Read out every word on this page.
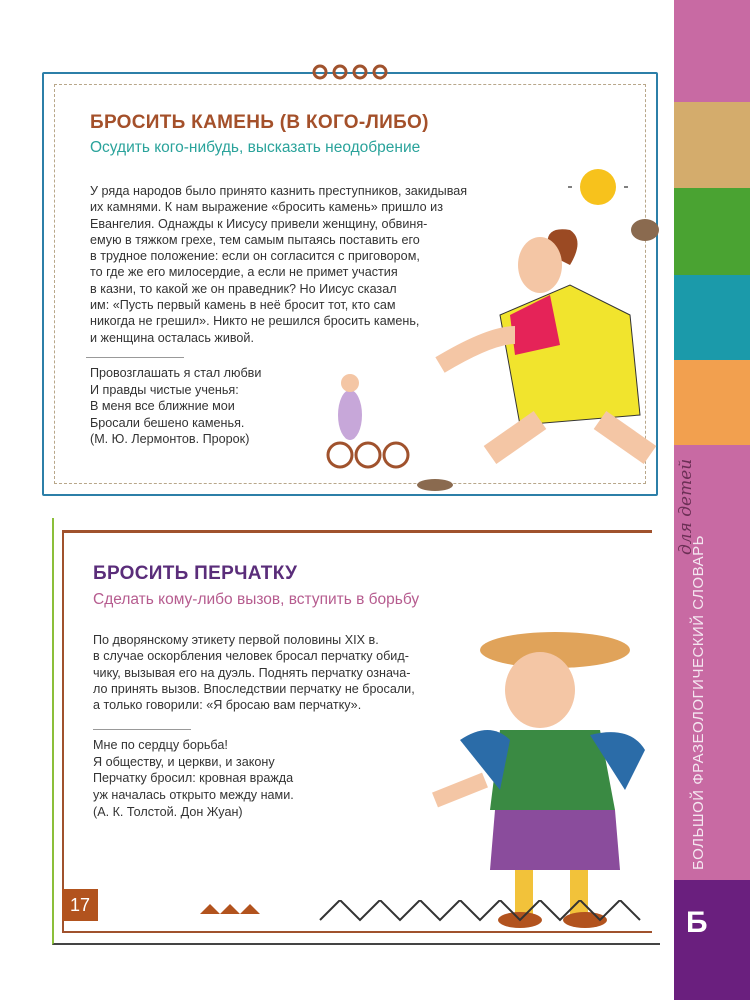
БОЛЬШОЙ ФРАЗЕОЛОГИЧЕСКИЙ СЛОВАРЬ
для детей
Б
БРОСИТЬ КАМЕНЬ (В КОГО-ЛИБО)
Осудить кого-нибудь, высказать неодобрение
У ряда народов было принято казнить преступников, закидывая
их камнями. К нам выражение «бросить камень» пришло из
Евангелия. Однажды к Иисусу привели женщину, обвиня-
емую в тяжком грехе, тем самым пытаясь поставить его
в трудное положение: если он согласится с приговором,
то где же его милосердие, а если не примет участия
в казни, то какой же он праведник? Но Иисус сказал
им: «Пусть первый камень в неё бросит тот, кто сам
никогда не грешил». Никто не решился бросить камень,
и женщина осталась живой.
Провозглашать я стал любви
И правды чистые ученья:
В меня все ближние мои
Бросали бешено каменья.
(М. Ю. Лермонтов. Пророк)
БРОСИТЬ ПЕРЧАТКУ
Сделать кому-либо вызов, вступить в борьбу
По дворянскому этикету первой половины XIX в.
в случае оскорбления человек бросал перчатку обид-
чику, вызывая его на дуэль. Поднять перчатку означа-
ло принять вызов. Впоследствии перчатку не бросали,
а только говорили: «Я бросаю вам перчатку».
Мне по сердцу борьба!
Я обществу, и церкви, и закону
Перчатку бросил: кровная вражда
уж началась открыто между нами.
(А. К. Толстой. Дон Жуан)
17
